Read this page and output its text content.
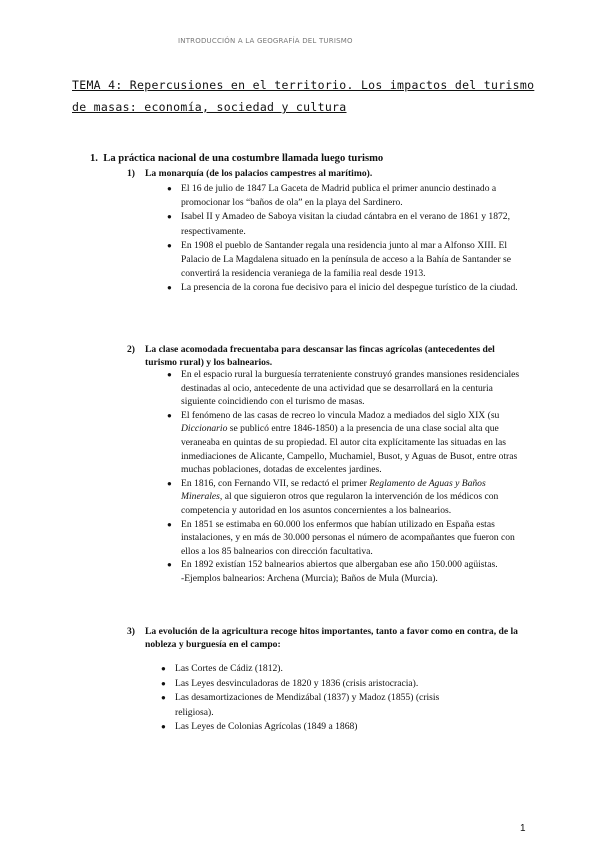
INTRODUCCIÓN A LA GEOGRAFÍA DEL TURISMO
TEMA 4: Repercusiones en el territorio. Los impactos del turismo de masas: economía, sociedad y cultura
1. La práctica nacional de una costumbre llamada luego turismo
1) La monarquía (de los palacios campestres al marítimo).
● El 16 de julio de 1847 La Gaceta de Madrid publica el primer anuncio destinado a promocionar los “baños de ola” en la playa del Sardinero.
● Isabel II y Amadeo de Saboya visitan la ciudad cántabra en el verano de 1861 y 1872, respectivamente.
● En 1908 el pueblo de Santander regala una residencia junto al mar a Alfonso XIII. El Palacio de La Magdalena situado en la península de acceso a la Bahía de Santander se convertirá la residencia veraniega de la familia real desde 1913.
● La presencia de la corona fue decisivo para el inicio del despegue turístico de la ciudad.
2) La clase acomodada frecuentaba para descansar las fincas agrícolas (antecedentes del turismo rural) y los balnearios.
● En el espacio rural la burguesía terrateniente construyó grandes mansiones residenciales destinadas al ocio, antecedente de una actividad que se desarrollará en la centuria siguiente coincidiendo con el turismo de masas.
● El fenómeno de las casas de recreo lo vincula Madoz a mediados del siglo XIX (su Diccionario se publicó entre 1846-1850) a la presencia de una clase social alta que veraneaba en quintas de su propiedad. El autor cita explícitamente las situadas en las inmediaciones de Alicante, Campello, Muchamiel, Busot, y Aguas de Busot, entre otras muchas poblaciones, dotadas de excelentes jardines.
● En 1816, con Fernando VII, se redactó el primer Reglamento de Aguas y Baños Minerales, al que siguieron otros que regularon la intervención de los médicos con competencia y autoridad en los asuntos concernientes a los balnearios.
● En 1851 se estimaba en 60.000 los enfermos que habían utilizado en España estas instalaciones, y en más de 30.000 personas el número de acompañantes que fueron con ellos a los 85 balnearios con dirección facultativa.
● En 1892 existían 152 balnearios abiertos que albergaban ese año 150.000 agüistas.
-Ejemplos balnearios: Archena (Murcia); Baños de Mula (Murcia).
3) La evolución de la agricultura recoge hitos importantes, tanto a favor como en contra, de la nobleza y burguesía en el campo:
● Las Cortes de Cádiz (1812).
● Las Leyes desvinculadoras de 1820 y 1836 (crisis aristocracia).
● Las desamortizaciones de Mendizábal (1837) y Madoz (1855) (crisis religiosa).
● Las Leyes de Colonias Agrícolas (1849 a 1868)
1
